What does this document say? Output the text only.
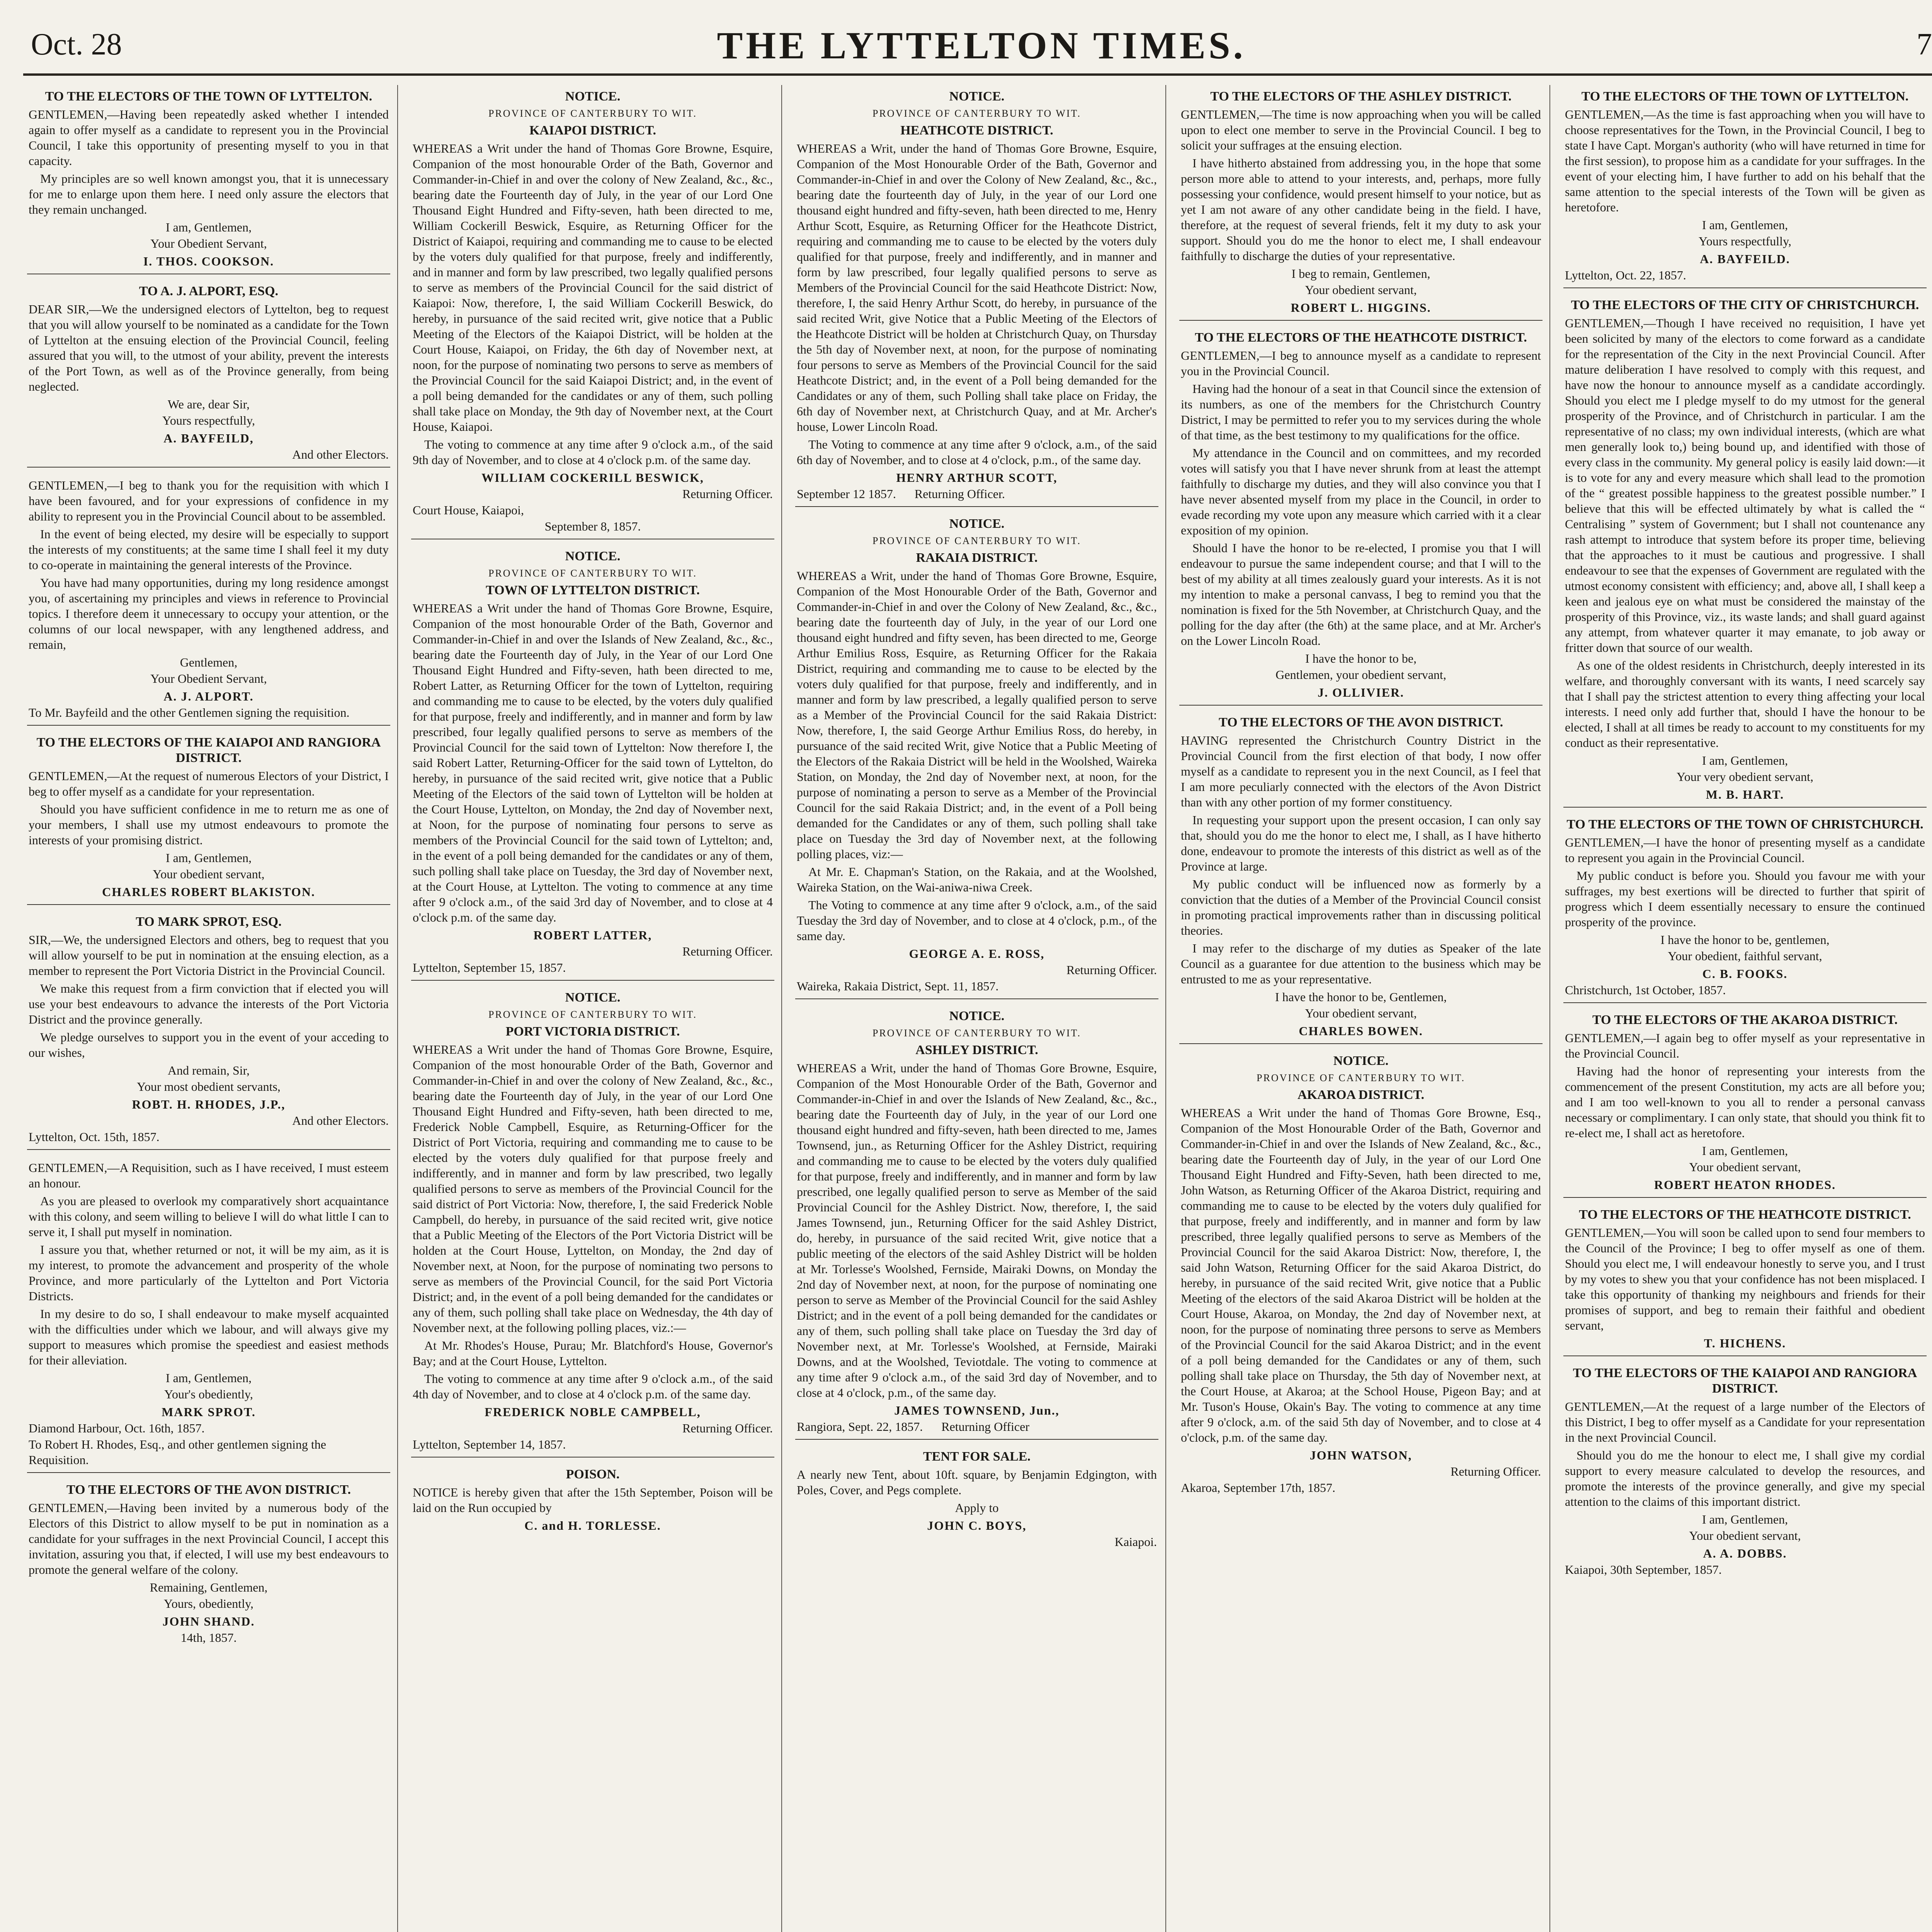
Oct. 28	THE LYTTELTON TIMES.	7
TO THE ELECTORS OF THE TOWN OF LYTTELTON.

GENTLEMEN,—Having been repeatedly asked whether I intended again to offer myself as a candidate to represent you in the Provincial Council, I take this opportunity of presenting myself to you in that capacity.

My principles are so well known amongst you, that it is unnecessary for me to enlarge upon them here. I need only assure the electors that they remain unchanged.

I am, Gentlemen,
Your Obedient Servant,
I. THOS. COOKSON.
TO A. J. ALPORT, ESQ.

DEAR SIR,—We the undersigned electors of Lyttelton, beg to request that you will allow yourself to be nominated as a candidate for the Town of Lyttelton at the ensuing election of the Provincial Council, feeling assured that you will, to the utmost of your ability, prevent the interests of the Port Town, as well as of the Province generally, from being neglected.

We are, dear Sir,
Yours respectfully,
A. BAYFEILD,
And other Electors.

GENTLEMEN,—I beg to thank you for the requisition with which I have been favoured, and for your expressions of confidence in my ability to represent you in the Provincial Council about to be assembled.

In the event of being elected, my desire will be especially to support the interests of my constituents; at the same time I shall feel it my duty to co-operate in maintaining the general interests of the Province.

You have had many opportunities, during my long residence amongst you, of ascertaining my principles and views in reference to Provincial topics. I therefore deem it unnecessary to occupy your attention, or the columns of our local newspaper, with any lengthened address, and remain,

Gentlemen,
Your Obedient Servant,
A. J. ALPORT.
To Mr. Bayfeild and the other Gentlemen signing the requisition.
TO THE ELECTORS OF THE KAIAPOI AND RANGIORA DISTRICT.

GENTLEMEN,—At the request of numerous Electors of your District, I beg to offer myself as a candidate for your representation.

Should you have sufficient confidence in me to return me as one of your members, I shall use my utmost endeavours to promote the interests of your promising district.

I am, Gentlemen,
Your obedient servant,
CHARLES ROBERT BLAKISTON.
TO MARK SPROT, ESQ.

SIR,—We, the undersigned Electors and others, beg to request that you will allow yourself to be put in nomination at the ensuing election, as a member to represent the Port Victoria District in the Provincial Council.

We make this request from a firm conviction that if elected you will use your best endeavours to advance the interests of the Port Victoria District and the province generally.

We pledge ourselves to support you in the event of your acceding to our wishes,

And remain, Sir,
Your most obedient servants,
ROBT. H. RHODES, J.P.,
And other Electors.
Lyttelton, Oct. 15th, 1857.

GENTLEMEN,—A Requisition, such as I have received, I must esteem an honour.

As you are pleased to overlook my comparatively short acquaintance with this colony, and seem willing to believe I will do what little I can to serve it, I shall put myself in nomination.

I assure you that, whether returned or not, it will be my aim, as it is my interest, to promote the advancement and prosperity of the whole Province, and more particularly of the Lyttelton and Port Victoria Districts.

In my desire to do so, I shall endeavour to make myself acquainted with the difficulties under which we labour, and will always give my support to measures which promise the speediest and easiest methods for their alleviation.

I am, Gentlemen,
Your's obediently,
MARK SPROT.
Diamond Harbour, Oct. 16th, 1857.
To Robert H. Rhodes, Esq., and other gentlemen signing the Requisition.
TO THE ELECTORS OF THE AVON DISTRICT.

GENTLEMEN,—Having been invited by a numerous body of the Electors of this District to allow myself to be put in nomination as a candidate for your suffrages in the next Provincial Council, I accept this invitation, assuring you that, if elected, I will use my best endeavours to promote the general welfare of the colony.

Remaining, Gentlemen,
Yours, obediently,
JOHN SHAND.
14th, 1857.
NOTICE.
PROVINCE OF CANTERBURY TO WIT.
KAIAPOI DISTRICT.

WHEREAS a Writ under the hand of Thomas Gore Browne, Esquire, Companion of the most honourable Order of the Bath, Governor and Commander-in-Chief in and over the colony of New Zealand, &c., &c., bearing date the Fourteenth day of July, in the year of our Lord One Thousand Eight Hundred and Fifty-seven, hath been directed to me, William Cockerill Beswick, Esquire, as Returning Officer for the District of Kaiapoi, requiring and commanding me to cause to be elected by the voters duly qualified for that purpose, freely and indifferently, and in manner and form by law prescribed, two legally qualified persons to serve as members of the Provincial Council for the said district of Kaiapoi: Now, therefore, I, the said William Cockerill Beswick, do hereby, in pursuance of the said recited writ, give notice that a Public Meeting of the Electors of the Kaiapoi District, will be holden at the Court House, Kaiapoi, on Friday, the 6th day of November next, at noon, for the purpose of nominating two persons to serve as members of the Provincial Council for the said Kaiapoi District; and, in the event of a poll being demanded for the candidates or any of them, such polling shall take place on Monday, the 9th day of November next, at the Court House, Kaiapoi.

The voting to commence at any time after 9 o'clock a.m., of the said 9th day of November, and to close at 4 o'clock p.m. of the same day.

WILLIAM COCKERILL BESWICK,
Returning Officer.
Court House, Kaiapoi,
September 8, 1857.
NOTICE.
PROVINCE OF CANTERBURY TO WIT.
TOWN OF LYTTELTON DISTRICT.

WHEREAS a Writ under the hand of Thomas Gore Browne, Esquire, Companion of the most honourable Order of the Bath, Governor and Commander-in-Chief in and over the Islands of New Zealand, &c., &c., bearing date the Fourteenth day of July, in the Year of our Lord One Thousand Eight Hundred and Fifty-seven, hath been directed to me, Robert Latter, as Returning Officer for the town of Lyttelton, requiring and commanding me to cause to be elected, by the voters duly qualified for that purpose, freely and indifferently, and in manner and form by law prescribed, four legally qualified persons to serve as members of the Provincial Council for the said town of Lyttelton: Now therefore I, the said Robert Latter, Returning-Officer for the said town of Lyttelton, do hereby, in pursuance of the said recited writ, give notice that a Public Meeting of the Electors of the said town of Lyttelton will be holden at the Court House, Lyttelton, on Monday, the 2nd day of November next, at Noon, for the purpose of nominating four persons to serve as members of the Provincial Council for the said town of Lyttelton; and, in the event of a poll being demanded for the candidates or any of them, such polling shall take place on Tuesday, the 3rd day of November next, at the Court House, at Lyttelton. The voting to commence at any time after 9 o'clock a.m., of the said 3rd day of November, and to close at 4 o'clock p.m. of the same day.

ROBERT LATTER,
Returning Officer.
Lyttelton, September 15, 1857.
NOTICE.
PROVINCE OF CANTERBURY TO WIT.
PORT VICTORIA DISTRICT.

WHEREAS a Writ under the hand of Thomas Gore Browne, Esquire, Companion of the most honourable Order of the Bath, Governor and Commander-in-Chief in and over the colony of New Zealand, &c., &c., bearing date the Fourteenth day of July, in the year of our Lord One Thousand Eight Hundred and Fifty-seven, hath been directed to me, Frederick Noble Campbell, Esquire, as Returning-Officer for the District of Port Victoria, requiring and commanding me to cause to be elected by the voters duly qualified for that purpose freely and indifferently, and in manner and form by law prescribed, two legally qualified persons to serve as members of the Provincial Council for the said district of Port Victoria: Now, therefore, I, the said Frederick Noble Campbell, do hereby, in pursuance of the said recited writ, give notice that a Public Meeting of the Electors of the Port Victoria District will be holden at the Court House, Lyttelton, on Monday, the 2nd day of November next, at Noon, for the purpose of nominating two persons to serve as members of the Provincial Council, for the said Port Victoria District; and, in the event of a poll being demanded for the candidates or any of them, such polling shall take place on Wednesday, the 4th day of November next, at the following polling places, viz.:—

At Mr. Rhodes's House, Purau; Mr. Blatchford's House, Governor's Bay; and at the Court House, Lyttelton.

The voting to commence at any time after 9 o'clock a.m., of the said 4th day of November, and to close at 4 o'clock p.m. of the same day.

FREDERICK NOBLE CAMPBELL,
Returning Officer.
Lyttelton, September 14, 1857.
POISON.

NOTICE is hereby given that after the 15th September, Poison will be laid on the Run occupied by

C. and H. TORLESSE.
NOTICE.
PROVINCE OF CANTERBURY TO WIT.
HEATHCOTE DISTRICT.

WHEREAS a Writ, under the hand of Thomas Gore Browne, Esquire, Companion of the Most Honourable Order of the Bath, Governor and Commander-in-Chief in and over the Colony of New Zealand, &c., &c., bearing date the fourteenth day of July, in the year of our Lord one thousand eight hundred and fifty-seven, hath been directed to me, Henry Arthur Scott, Esquire, as Returning Officer for the Heathcote District, requiring and commanding me to cause to be elected by the voters duly qualified for that purpose, freely and indifferently, and in manner and form by law prescribed, four legally qualified persons to serve as Members of the Provincial Council for the said Heathcote District: Now, therefore, I, the said Henry Arthur Scott, do hereby, in pursuance of the said recited Writ, give Notice that a Public Meeting of the Electors of the Heathcote District will be holden at Christchurch Quay, on Thursday the 5th day of November next, at noon, for the purpose of nominating four persons to serve as Members of the Provincial Council for the said Heathcote District; and, in the event of a Poll being demanded for the Candidates or any of them, such Polling shall take place on Friday, the 6th day of November next, at Christchurch Quay, and at Mr. Archer's house, Lower Lincoln Road.

The Voting to commence at any time after 9 o'clock, a.m., of the said 6th day of November, and to close at 4 o'clock, p.m., of the same day.

HENRY ARTHUR SCOTT,
September 12 1857. Returning Officer.
NOTICE.
PROVINCE OF CANTERBURY TO WIT.
RAKAIA DISTRICT.

WHEREAS a Writ, under the hand of Thomas Gore Browne, Esquire, Companion of the Most Honourable Order of the Bath, Governor and Commander-in-Chief in and over the Colony of New Zealand, &c., &c., bearing date the fourteenth day of July, in the year of our Lord one thousand eight hundred and fifty seven, has been directed to me, George Arthur Emilius Ross, Esquire, as Returning Officer for the Rakaia District, requiring and commanding me to cause to be elected by the voters duly qualified for that purpose, freely and indifferently, and in manner and form by law prescribed, a legally qualified person to serve as a Member of the Provincial Council for the said Rakaia District: Now, therefore, I, the said George Arthur Emilius Ross, do hereby, in pursuance of the said recited Writ, give Notice that a Public Meeting of the Electors of the Rakaia District will be held in the Woolshed, Waireka Station, on Monday, the 2nd day of November next, at noon, for the purpose of nominating a person to serve as a Member of the Provincial Council for the said Rakaia District; and, in the event of a Poll being demanded for the Candidates or any of them, such polling shall take place on Tuesday the 3rd day of November next, at the following polling places, viz:—

At Mr. E. Chapman's Station, on the Rakaia, and at the Woolshed, Waireka Station, on the Wai-aniwa-niwa Creek.

The Voting to commence at any time after 9 o'clock, a.m., of the said Tuesday the 3rd day of November, and to close at 4 o'clock, p.m., of the same day.

GEORGE A. E. ROSS,
Returning Officer.
Waireka, Rakaia District, Sept. 11, 1857.
NOTICE.
PROVINCE OF CANTERBURY TO WIT.
ASHLEY DISTRICT.

WHEREAS a Writ, under the hand of Thomas Gore Browne, Esquire, Companion of the Most Honourable Order of the Bath, Governor and Commander-in-Chief in and over the Islands of New Zealand, &c., &c., bearing date the Fourteenth day of July, in the year of our Lord one thousand eight hundred and fifty-seven, hath been directed to me, James Townsend, jun., as Returning Officer for the Ashley District, requiring and commanding me to cause to be elected by the voters duly qualified for that purpose, freely and indifferently, and in manner and form by law prescribed, one legally qualified person to serve as Member of the said Provincial Council for the Ashley District. Now, therefore, I, the said James Townsend, jun., Returning Officer for the said Ashley District, do, hereby, in pursuance of the said recited Writ, give notice that a public meeting of the electors of the said Ashley District will be holden at Mr. Torlesse's Woolshed, Fernside, Mairaki Downs, on Monday the 2nd day of November next, at noon, for the purpose of nominating one person to serve as Member of the Provincial Council for the said Ashley District; and in the event of a poll being demanded for the candidates or any of them, such polling shall take place on Tuesday the 3rd day of November next, at Mr. Torlesse's Woolshed, at Fernside, Mairaki Downs, and at the Woolshed, Teviotdale. The voting to commence at any time after 9 o'clock a.m., of the said 3rd day of November, and to close at 4 o'clock, p.m., of the same day.

JAMES TOWNSEND, Jun.,
Rangiora, Sept. 22, 1857. Returning Officer
TENT FOR SALE.

A nearly new Tent, about 10ft. square, by Benjamin Edgington, with Poles, Cover, and Pegs complete.

Apply to
JOHN C. BOYS,
Kaiapoi.
TO THE ELECTORS OF THE ASHLEY DISTRICT.

GENTLEMEN,—The time is now approaching when you will be called upon to elect one member to serve in the Provincial Council. I beg to solicit your suffrages at the ensuing election.

I have hitherto abstained from addressing you, in the hope that some person more able to attend to your interests, and, perhaps, more fully possessing your confidence, would present himself to your notice, but as yet I am not aware of any other candidate being in the field. I have, therefore, at the request of several friends, felt it my duty to ask your support. Should you do me the honor to elect me, I shall endeavour faithfully to discharge the duties of your representative.

I beg to remain, Gentlemen,
Your obedient servant,
ROBERT L. HIGGINS.
TO THE ELECTORS OF THE HEATHCOTE DISTRICT.

GENTLEMEN,—I beg to announce myself as a candidate to represent you in the Provincial Council.

Having had the honour of a seat in that Council since the extension of its numbers, as one of the members for the Christchurch Country District, I may be permitted to refer you to my services during the whole of that time, as the best testimony to my qualifications for the office.

My attendance in the Council and on committees, and my recorded votes will satisfy you that I have never shrunk from at least the attempt faithfully to discharge my duties, and they will also convince you that I have never absented myself from my place in the Council, in order to evade recording my vote upon any measure which carried with it a clear exposition of my opinion.

Should I have the honor to be re-elected, I promise you that I will endeavour to pursue the same independent course; and that I will to the best of my ability at all times zealously guard your interests. As it is not my intention to make a personal canvass, I beg to remind you that the nomination is fixed for the 5th November, at Christchurch Quay, and the polling for the day after (the 6th) at the same place, and at Mr. Archer's on the Lower Lincoln Road.

I have the honor to be,
Gentlemen, your obedient servant,
J. OLLIVIER.
TO THE ELECTORS OF THE AVON DISTRICT.

HAVING represented the Christchurch Country District in the Provincial Council from the first election of that body, I now offer myself as a candidate to represent you in the next Council, as I feel that I am more peculiarly connected with the electors of the Avon District than with any other portion of my former constituency.

In requesting your support upon the present occasion, I can only say that, should you do me the honor to elect me, I shall, as I have hitherto done, endeavour to promote the interests of this district as well as of the Province at large.

My public conduct will be influenced now as formerly by a conviction that the duties of a Member of the Provincial Council consist in promoting practical improvements rather than in discussing political theories.

I may refer to the discharge of my duties as Speaker of the late Council as a guarantee for due attention to the business which may be entrusted to me as your representative.

I have the honor to be, Gentlemen,
Your obedient servant,
CHARLES BOWEN.
NOTICE.
PROVINCE OF CANTERBURY TO WIT.
AKAROA DISTRICT.

WHEREAS a Writ under the hand of Thomas Gore Browne, Esq., Companion of the Most Honourable Order of the Bath, Governor and Commander-in-Chief in and over the Islands of New Zealand, &c., &c., bearing date the Fourteenth day of July, in the year of our Lord One Thousand Eight Hundred and Fifty-Seven, hath been directed to me, John Watson, as Returning Officer of the Akaroa District, requiring and commanding me to cause to be elected by the voters duly qualified for that purpose, freely and indifferently, and in manner and form by law prescribed, three legally qualified persons to serve as Members of the Provincial Council for the said Akaroa District: Now, therefore, I, the said John Watson, Returning Officer for the said Akaroa District, do hereby, in pursuance of the said recited Writ, give notice that a Public Meeting of the electors of the said Akaroa District will be holden at the Court House, Akaroa, on Monday, the 2nd day of November next, at noon, for the purpose of nominating three persons to serve as Members of the Provincial Council for the said Akaroa District; and in the event of a poll being demanded for the Candidates or any of them, such polling shall take place on Thursday, the 5th day of November next, at the Court House, at Akaroa; at the School House, Pigeon Bay; and at Mr. Tuson's House, Okain's Bay. The voting to commence at any time after 9 o'clock, a.m. of the said 5th day of November, and to close at 4 o'clock, p.m. of the same day.

JOHN WATSON,
Returning Officer.
Akaroa, September 17th, 1857.
TO THE ELECTORS OF THE TOWN OF LYTTELTON.

GENTLEMEN,—As the time is fast approaching when you will have to choose representatives for the Town, in the Provincial Council, I beg to state I have Capt. Morgan's authority (who will have returned in time for the first session), to propose him as a candidate for your suffrages. In the event of your electing him, I have further to add on his behalf that the same attention to the special interests of the Town will be given as heretofore.

I am, Gentlemen,
Yours respectfully,
A. BAYFEILD.
Lyttelton, Oct. 22, 1857.
TO THE ELECTORS OF THE CITY OF CHRISTCHURCH.

GENTLEMEN,—Though I have received no requisition, I have yet been solicited by many of the electors to come forward as a candidate for the representation of the City in the next Provincial Council. After mature deliberation I have resolved to comply with this request, and have now the honour to announce myself as a candidate accordingly. Should you elect me I pledge myself to do my utmost for the general prosperity of the Province, and of Christchurch in particular. I am the representative of no class; my own individual interests, (which are what men generally look to,) being bound up, and identified with those of every class in the community. My general policy is easily laid down:—it is to vote for any and every measure which shall lead to the promotion of the “ greatest possible happiness to the greatest possible number.” I believe that this will be effected ultimately by what is called the “ Centralising ” system of Government; but I shall not countenance any rash attempt to introduce that system before its proper time, believing that the approaches to it must be cautious and progressive. I shall endeavour to see that the expenses of Government are regulated with the utmost economy consistent with efficiency; and, above all, I shall keep a keen and jealous eye on what must be considered the mainstay of the prosperity of this Province, viz., its waste lands; and shall guard against any attempt, from whatever quarter it may emanate, to job away or fritter down that source of our wealth.

As one of the oldest residents in Christchurch, deeply interested in its welfare, and thoroughly conversant with its wants, I need scarcely say that I shall pay the strictest attention to every thing affecting your local interests. I need only add further that, should I have the honour to be elected, I shall at all times be ready to account to my constituents for my conduct as their representative.

I am, Gentlemen,
Your very obedient servant,
M. B. HART.
TO THE ELECTORS OF THE TOWN OF CHRISTCHURCH.

GENTLEMEN,—I have the honor of presenting myself as a candidate to represent you again in the Provincial Council.

My public conduct is before you. Should you favour me with your suffrages, my best exertions will be directed to further that spirit of progress which I deem essentially necessary to ensure the continued prosperity of the province.

I have the honor to be, gentlemen,
Your obedient, faithful servant,
C. B. FOOKS.
Christchurch, 1st October, 1857.
TO THE ELECTORS OF THE AKAROA DISTRICT.

GENTLEMEN,—I again beg to offer myself as your representative in the Provincial Council.

Having had the honor of representing your interests from the commencement of the present Constitution, my acts are all before you; and I am too well-known to you all to render a personal canvass necessary or complimentary. I can only state, that should you think fit to re-elect me, I shall act as heretofore.

I am, Gentlemen,
Your obedient servant,
ROBERT HEATON RHODES.
TO THE ELECTORS OF THE HEATHCOTE DISTRICT.

GENTLEMEN,—You will soon be called upon to send four members to the Council of the Province; I beg to offer myself as one of them. Should you elect me, I will endeavour honestly to serve you, and I trust by my votes to shew you that your confidence has not been misplaced. I take this opportunity of thanking my neighbours and friends for their promises of support, and beg to remain their faithful and obedient servant,

T. HICHENS.
TO THE ELECTORS OF THE KAIAPOI AND RANGIORA DISTRICT.

GENTLEMEN,—At the request of a large number of the Electors of this District, I beg to offer myself as a Candidate for your representation in the next Provincial Council.

Should you do me the honour to elect me, I shall give my cordial support to every measure calculated to develop the resources, and promote the interests of the province generally, and give my special attention to the claims of this important district.

I am, Gentlemen,
Your obedient servant,
A. A. DOBBS.
Kaiapoi, 30th September, 1857.
